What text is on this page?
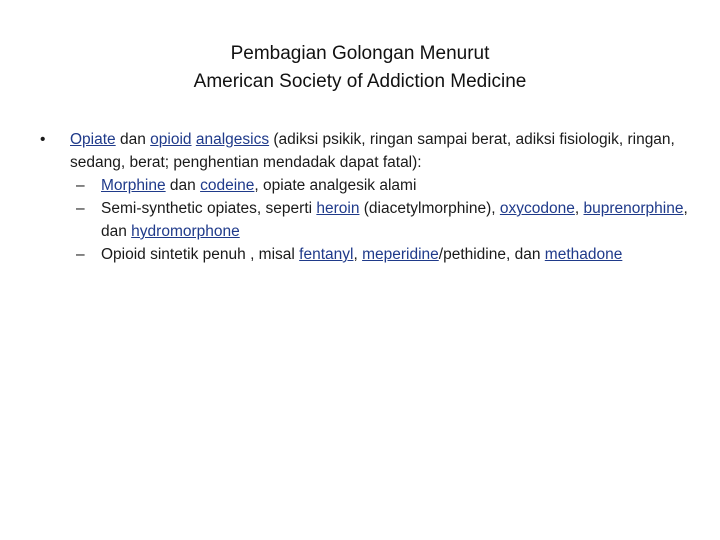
Pembagian Golongan Menurut
American Society of Addiction Medicine
•	Opiate dan opioid analgesics (adiksi psikik, ringan sampai berat, adiksi fisiologik, ringan, sedang, berat; penghentian mendadak dapat fatal):
– Morphine dan codeine, opiate analgesik alami
– Semi-synthetic opiates, seperti heroin (diacetylmorphine), oxycodone, buprenorphine, dan hydromorphone
– Opioid sintetik penuh , misal fentanyl, meperidine/pethidine, dan methadone
